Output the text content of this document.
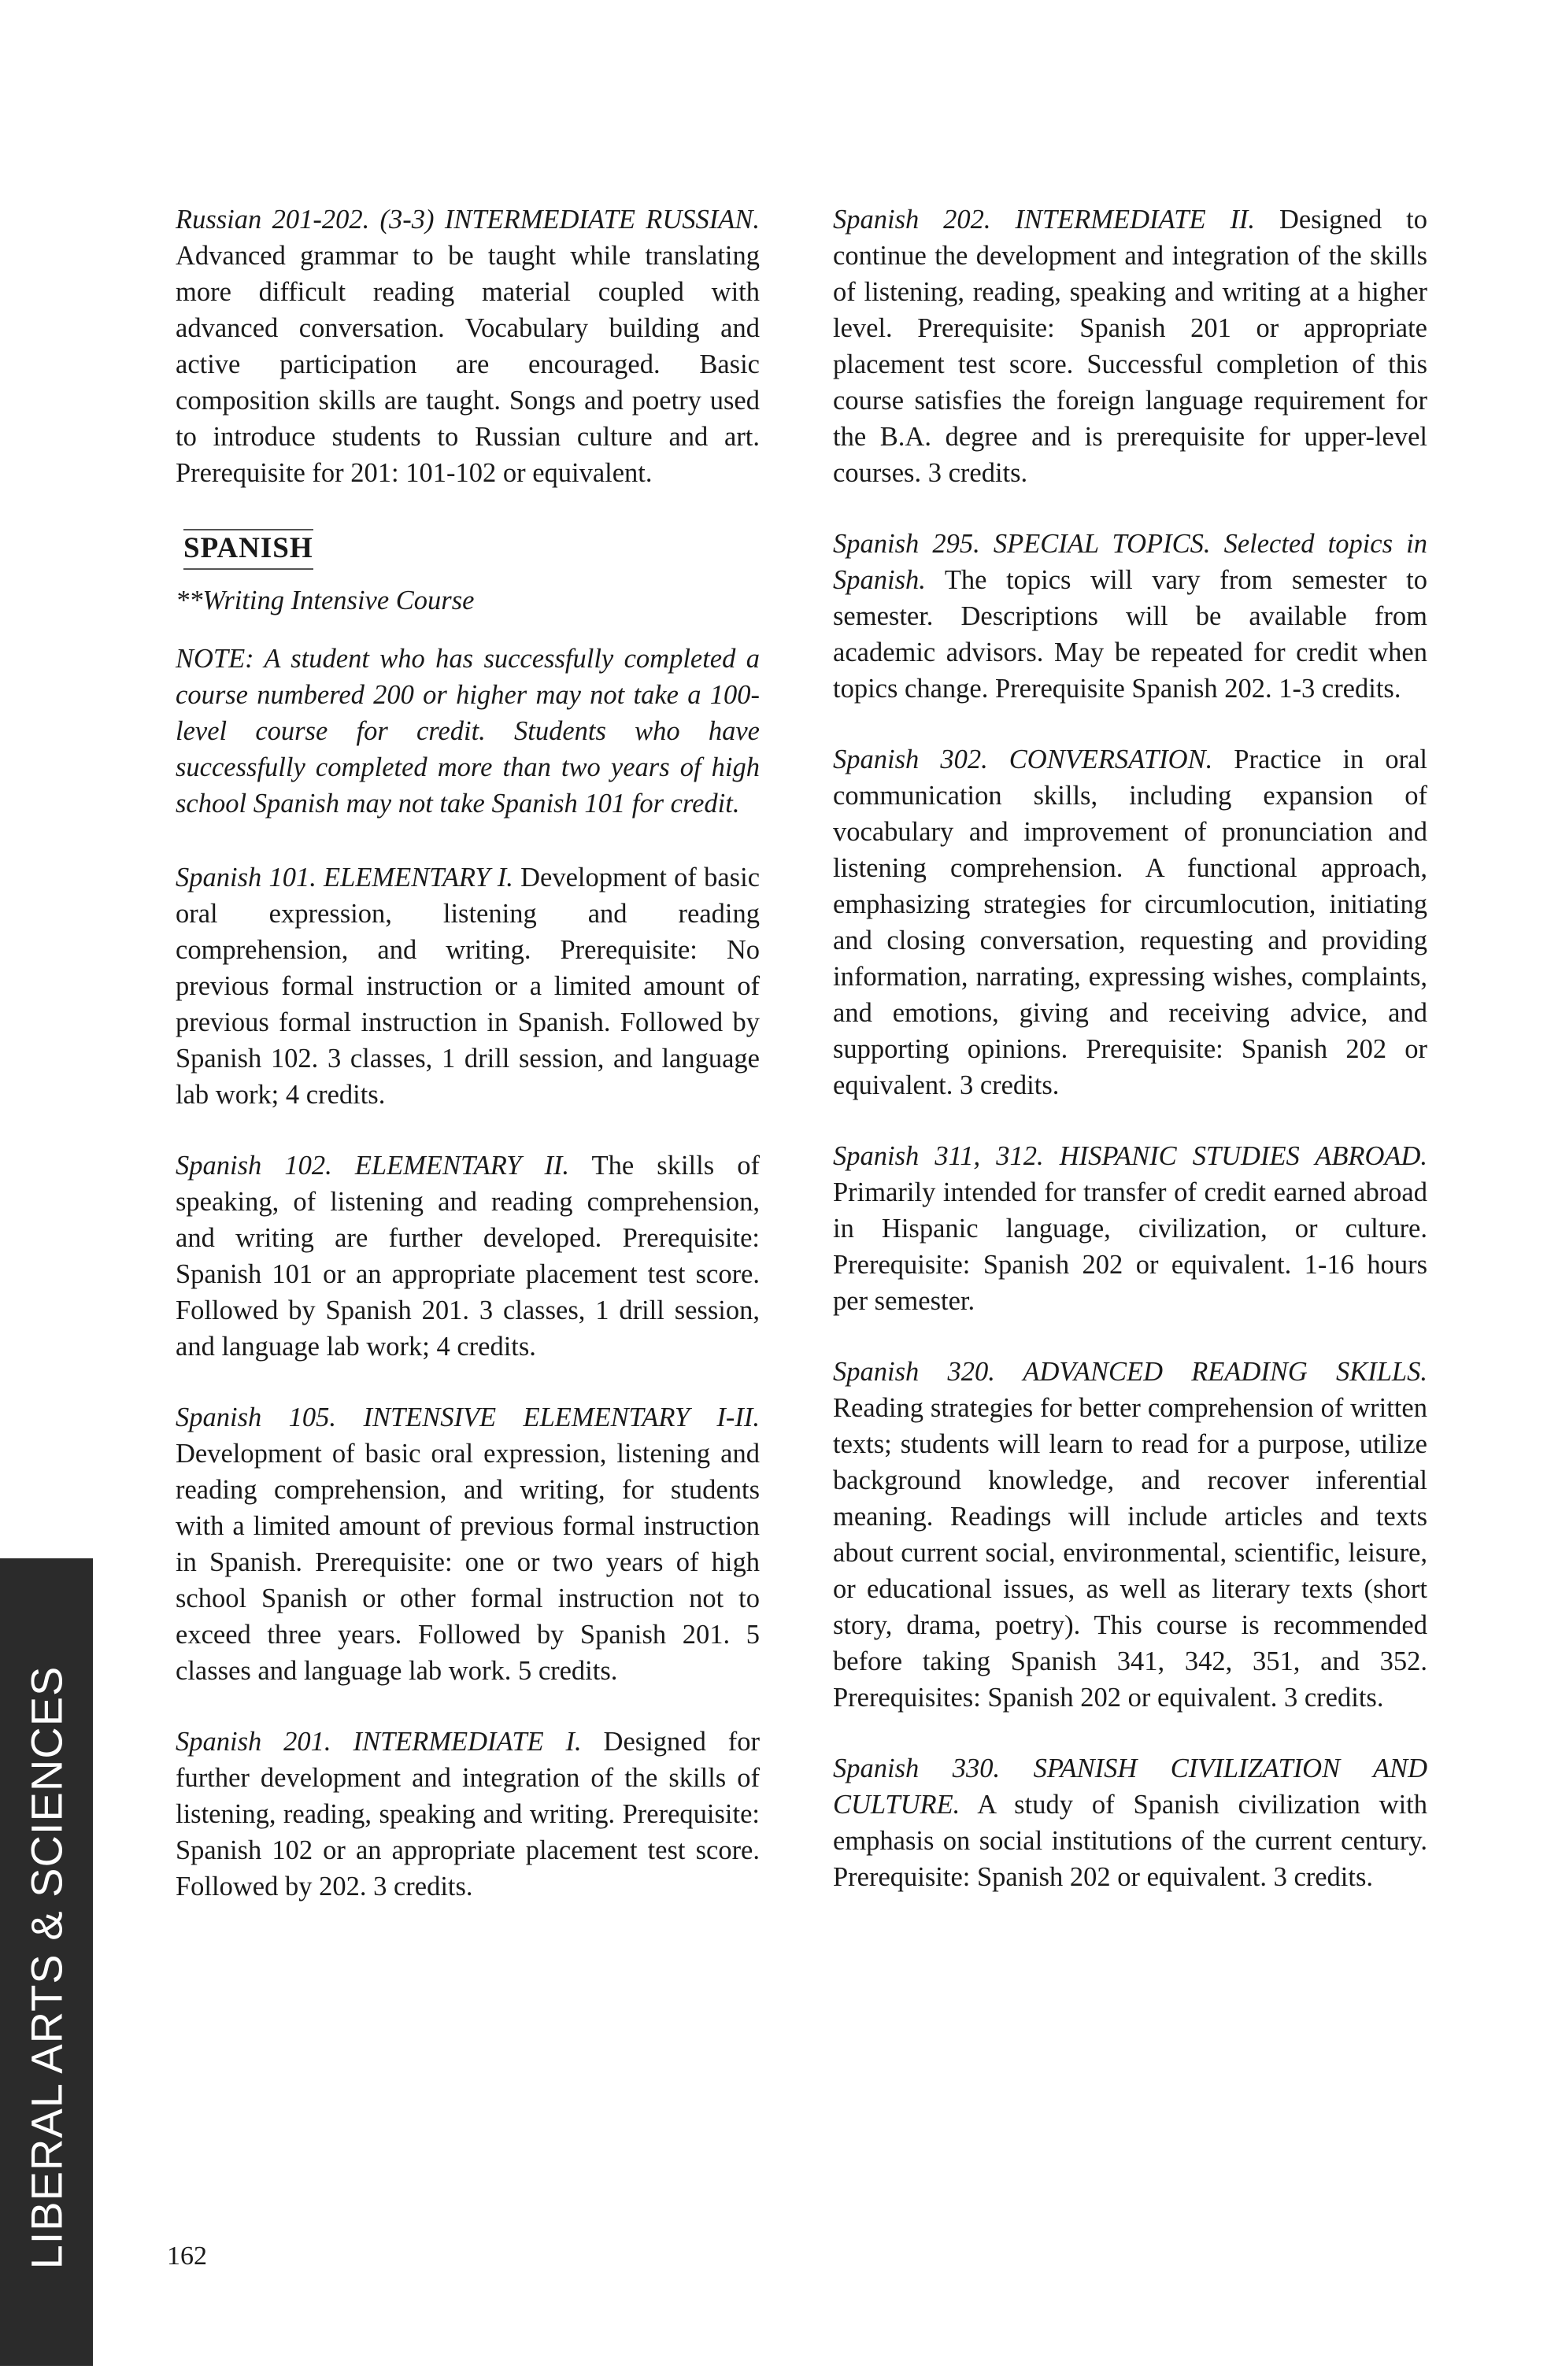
LIBERAL ARTS & SCIENCES

Russian 201-202. (3-3) INTERMEDIATE RUSSIAN. Advanced grammar to be taught while translating more difficult reading material coupled with advanced conversation. Vocabulary building and active participation are encouraged. Basic composition skills are taught. Songs and poetry used to introduce students to Russian culture and art. Prerequisite for 201: 101-102 or equivalent.

SPANISH

**Writing Intensive Course

NOTE: A student who has successfully completed a course numbered 200 or higher may not take a 100-level course for credit. Students who have successfully completed more than two years of high school Spanish may not take Spanish 101 for credit.

Spanish 101. ELEMENTARY I. Development of basic oral expression, listening and reading comprehension, and writing. Prerequisite: No previous formal instruction or a limited amount of previous formal instruction in Spanish. Followed by Spanish 102. 3 classes, 1 drill session, and language lab work; 4 credits.

Spanish 102. ELEMENTARY II. The skills of speaking, of listening and reading comprehension, and writing are further developed. Prerequisite: Spanish 101 or an appropriate placement test score. Followed by Spanish 201. 3 classes, 1 drill session, and language lab work; 4 credits.

Spanish 105. INTENSIVE ELEMENTARY I-II. Development of basic oral expression, listening and reading comprehension, and writing, for students with a limited amount of previous formal instruction in Spanish. Prerequisite: one or two years of high school Spanish or other formal instruction not to exceed three years. Followed by Spanish 201. 5 classes and language lab work. 5 credits.

Spanish 201. INTERMEDIATE I. Designed for further development and integration of the skills of listening, reading, speaking and writing. Prerequisite: Spanish 102 or an appropriate placement test score. Followed by 202. 3 credits.

Spanish 202. INTERMEDIATE II. Designed to continue the development and integration of the skills of listening, reading, speaking and writing at a higher level. Prerequisite: Spanish 201 or appropriate placement test score. Successful completion of this course satisfies the foreign language requirement for the B.A. degree and is prerequisite for upper-level courses. 3 credits.

Spanish 295. SPECIAL TOPICS. Selected topics in Spanish. The topics will vary from semester to semester. Descriptions will be available from academic advisors. May be repeated for credit when topics change. Prerequisite Spanish 202. 1-3 credits.

Spanish 302. CONVERSATION. Practice in oral communication skills, including expansion of vocabulary and improvement of pronunciation and listening comprehension. A functional approach, emphasizing strategies for circumlocution, initiating and closing conversation, requesting and providing information, narrating, expressing wishes, complaints, and emotions, giving and receiving advice, and supporting opinions. Prerequisite: Spanish 202 or equivalent. 3 credits.

Spanish 311, 312. HISPANIC STUDIES ABROAD. Primarily intended for transfer of credit earned abroad in Hispanic language, civilization, or culture. Prerequisite: Spanish 202 or equivalent. 1-16 hours per semester.

Spanish 320. ADVANCED READING SKILLS. Reading strategies for better comprehension of written texts; students will learn to read for a purpose, utilize background knowledge, and recover inferential meaning. Readings will include articles and texts about current social, environmental, scientific, leisure, or educational issues, as well as literary texts (short story, drama, poetry). This course is recommended before taking Spanish 341, 342, 351, and 352. Prerequisites: Spanish 202 or equivalent. 3 credits.

Spanish 330. SPANISH CIVILIZATION AND CULTURE. A study of Spanish civilization with emphasis on social institutions of the current century. Prerequisite: Spanish 202 or equivalent. 3 credits.

162
